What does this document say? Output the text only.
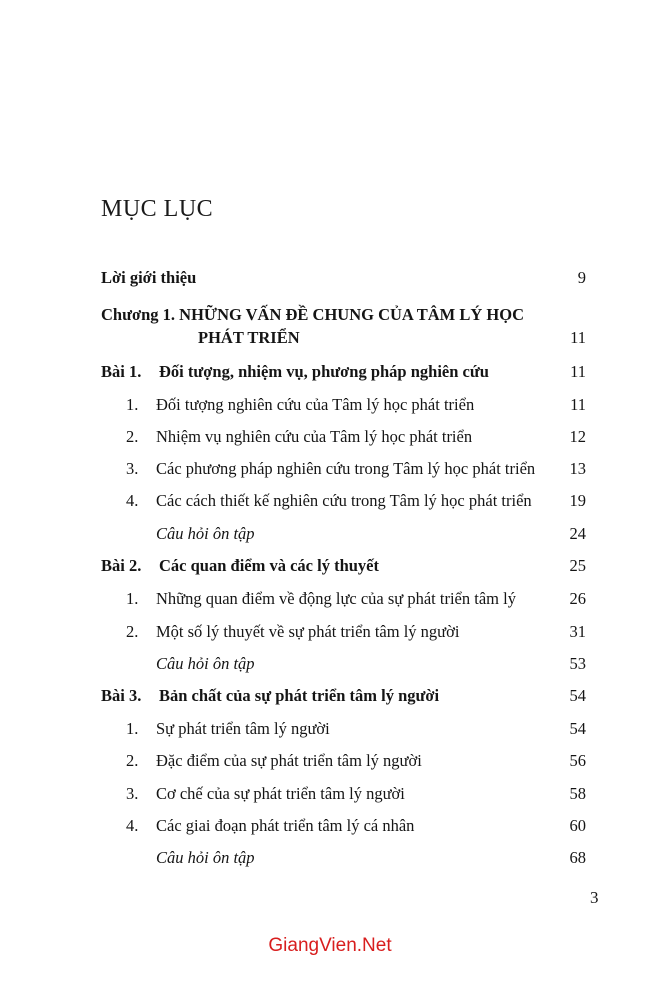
MỤC LỤC
Lời giới thiệu	9
Chương 1. NHỮNG VẤN ĐỀ CHUNG CỦA TÂM LÝ HỌC
PHÁT TRIỂN	11
Bài 1. Đối tượng, nhiệm vụ, phương pháp nghiên cứu	11
1. Đối tượng nghiên cứu của Tâm lý học phát triển	11
2. Nhiệm vụ nghiên cứu của Tâm lý học phát triển	12
3. Các phương pháp nghiên cứu trong Tâm lý học phát triển 13
4. Các cách thiết kế nghiên cứu trong Tâm lý học phát triển 19
Câu hỏi ôn tập	24
Bài 2. Các quan điểm và các lý thuyết	25
1. Những quan điểm về động lực của sự phát triển tâm lý	26
2. Một số lý thuyết về sự phát triển tâm lý người	31
Câu hỏi ôn tập	53
Bài 3. Bản chất của sự phát triển tâm lý người	54
1. Sự phát triển tâm lý người	54
2. Đặc điểm của sự phát triển tâm lý người	56
3. Cơ chế của sự phát triển tâm lý người	58
4. Các giai đoạn phát triển tâm lý cá nhân	60
Câu hỏi ôn tập	68
3
GiangVien.Net
